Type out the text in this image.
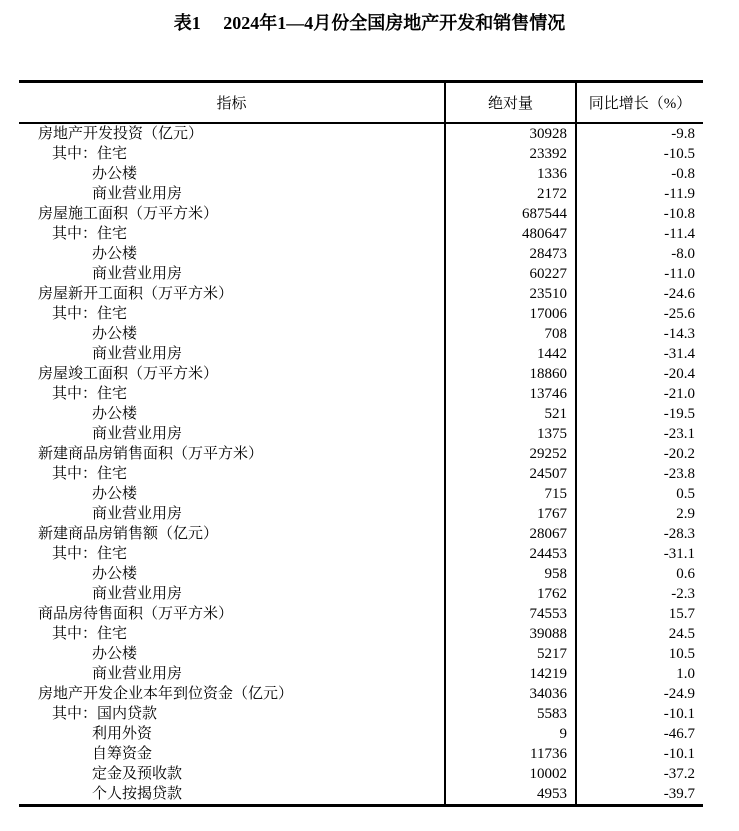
表1　 2024年1—4月份全国房地产开发和销售情况
指标	绝对量	同比增长（%）
房地产开发投资（亿元）	30928	-9.8
其中：住宅	23392	-10.5
办公楼	1336	-0.8
商业营业用房	2172	-11.9
房屋施工面积（万平方米）	687544	-10.8
其中：住宅	480647	-11.4
办公楼	28473	-8.0
商业营业用房	60227	-11.0
房屋新开工面积（万平方米）	23510	-24.6
其中：住宅	17006	-25.6
办公楼	708	-14.3
商业营业用房	1442	-31.4
房屋竣工面积（万平方米）	18860	-20.4
其中：住宅	13746	-21.0
办公楼	521	-19.5
商业营业用房	1375	-23.1
新建商品房销售面积（万平方米）	29252	-20.2
其中：住宅	24507	-23.8
办公楼	715	0.5
商业营业用房	1767	2.9
新建商品房销售额（亿元）	28067	-28.3
其中：住宅	24453	-31.1
办公楼	958	0.6
商业营业用房	1762	-2.3
商品房待售面积（万平方米）	74553	15.7
其中：住宅	39088	24.5
办公楼	5217	10.5
商业营业用房	14219	1.0
房地产开发企业本年到位资金（亿元）	34036	-24.9
其中：国内贷款	5583	-10.1
利用外资	9	-46.7
自筹资金	11736	-10.1
定金及预收款	10002	-37.2
个人按揭贷款	4953	-39.7
